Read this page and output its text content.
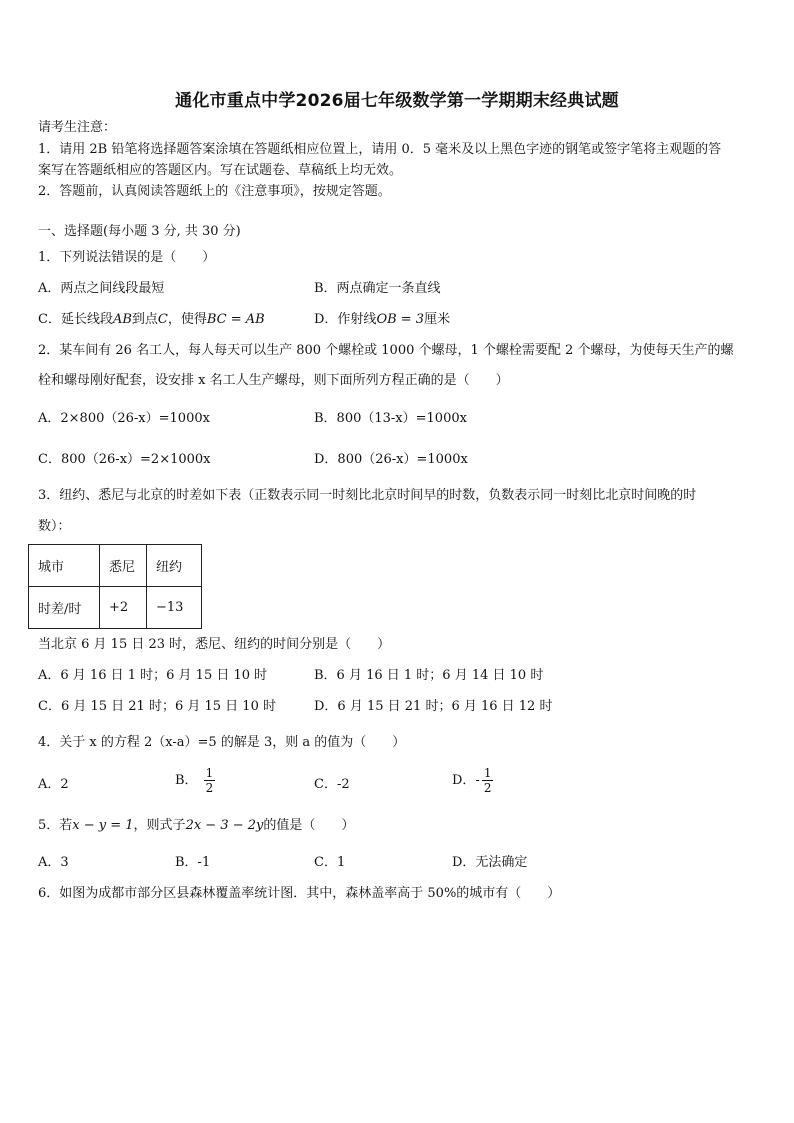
通化市重点中学2026届七年级数学第一学期期末经典试题
请考生注意：
1．请用 2B 铅笔将选择题答案涂填在答题纸相应位置上，请用 0．5 毫米及以上黑色字迹的钢笔或签字笔将主观题的答
案写在答题纸相应的答题区内。写在试题卷、草稿纸上均无效。
2．答题前，认真阅读答题纸上的《注意事项》，按规定答题。
一、选择题(每小题 3 分, 共 30 分)
1．下列说法错误的是（　　）
A．两点之间线段最短	B．两点确定一条直线
C．延长线段AB到点C，使得BC = AB	D．作射线OB = 3厘米
2．某车间有 26 名工人，每人每天可以生产 800 个螺栓或 1000 个螺母，1 个螺栓需要配 2 个螺母，为使每天生产的螺
栓和螺母刚好配套，设安排 x 名工人生产螺母，则下面所列方程正确的是（　　）
A．2×800（26-x）=1000x	B．800（13-x）=1000x
C．800（26-x）=2×1000x	D．800（26-x）=1000x
3．纽约、悉尼与北京的时差如下表（正数表示同一时刻比北京时间早的时数，负数表示同一时刻比北京时间晚的时
数）：
城市	悉尼	纽约
时差/时	+2	−13
当北京 6 月 15 日 23 时，悉尼、纽约的时间分别是（　　）
A．6 月 16 日 1 时；6 月 15 日 10 时	B．6 月 16 日 1 时；6 月 14 日 10 时
C．6 月 15 日 21 时；6 月 15 日 10 时	D．6 月 15 日 21 时；6 月 16 日 12 时
4．关于 x 的方程 2（x-a）=5 的解是 3，则 a 的值为（　　）
A．2	B． $\frac{1}{2}$	C．-2	D．- $\frac{1}{2}$
5．若x − y = 1，则式子2x − 3 − 2y的值是（　　）
A．3	B．-1	C．1	D．无法确定
6．如图为成都市部分区县森林覆盖率统计图．其中，森林盖率高于 50%的城市有（　　）
